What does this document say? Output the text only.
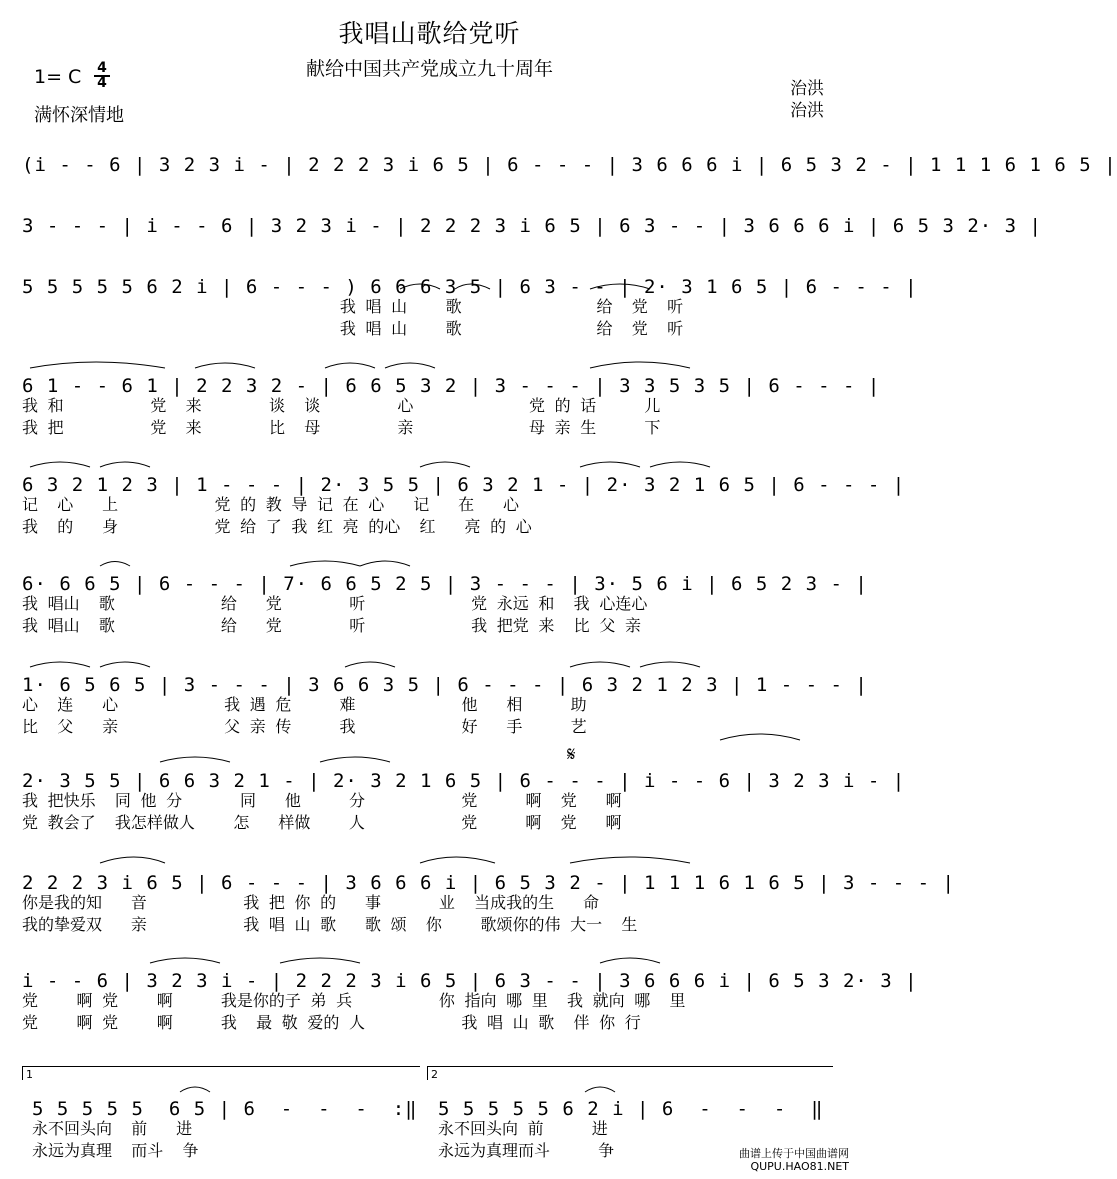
我唱山歌给党听
献给中国共产党成立九十周年
1= C 4
4
满怀深情地
治洪
治洪
(i - - 6 | 3 2 3 i - | 2 2 2 3 i 6 5 | 6 - - - | 3 6 6 6 i | 6 5 3 2 - | 1 1 1 6 1 6 5 |
3 - - - | i - - 6 | 3 2 3 i - | 2 2 2 3 i 6 5 | 6 3 - - | 3 6 6 6 i | 6 5 3 2· 3 |
5 5 5 5 5 6 2 i | 6 - - - ) 6 6 6 3 5 | 6 3 - - | 2· 3 1 6 5 | 6 - - - |
我 唱 山    歌              给  党  听
我 唱 山    歌              给  党  听
6 1 - - 6 1 | 2 2 3 2 - | 6 6 5 3 2 | 3 - - - | 3 3 5 3 5 | 6 - - - |
我 和         党  来       谈  谈        心            党 的 话     儿
我 把         党  来       比  母        亲            母 亲 生     下
6 3 2 1 2 3 | 1 - - - | 2· 3 5 5 | 6 3 2 1 - | 2· 3 2 1 6 5 | 6 - - - |
记  心   上          党 的 教 导 记 在 心   记   在   心
我  的   身          党 给 了 我 红 亮 的心  红   亮 的 心
6· 6 6 5 | 6 - - - | 7· 6 6 5 2 5 | 3 - - - | 3· 5 6 i | 6 5 2 3 - |
我 唱山  歌           给   党       听           党 永远 和  我 心连心
我 唱山  歌           给   党       听           我 把党 来  比 父 亲
1· 6 5 6 5 | 3 - - - | 3 6 6 3 5 | 6 - - - | 6 3 2 1 2 3 | 1 - - - |
心  连   心           我 遇 危     难           他   相     助
比  父   亲           父 亲 传     我           好   手     艺
𝄋
2· 3 5 5 | 6 6 3 2 1 - | 2· 3 2 1 6 5 | 6 - - - | i - - 6 | 3 2 3 i - |
我 把快乐  同 他 分      同   他     分          党     啊  党   啊
党 教会了  我怎样做人    怎   样做    人          党     啊  党   啊
2 2 2 3 i 6 5 | 6 - - - | 3 6 6 6 i | 6 5 3 2 - | 1 1 1 6 1 6 5 | 3 - - - |
你是我的知   音          我 把 你 的   事      业  当成我的生   命
我的挚爱双   亲          我 唱 山 歌   歌 颂  你    歌颂你的伟 大一  生
i - - 6 | 3 2 3 i - | 2 2 2 3 i 6 5 | 6 3 - - | 3 6 6 6 i | 6 5 3 2· 3 |
党    啊 党    啊     我是你的子 弟 兵         你 指向 哪 里  我 就向 哪  里
党    啊 党    啊     我  最 敬 爱的 人          我 唱 山 歌  伴 你 行
1	2
5 5 5 5 5  6 5 | 6  -  -  -  :‖
永不回头向  前   进
永远为真理  而斗  争
5 5 5 5 5 6 2 i | 6  -  -  -  ‖
永不回头向 前     进
永远为真理而斗     争	曲谱上传于中国曲谱网
QUPU.HAO81.NET
